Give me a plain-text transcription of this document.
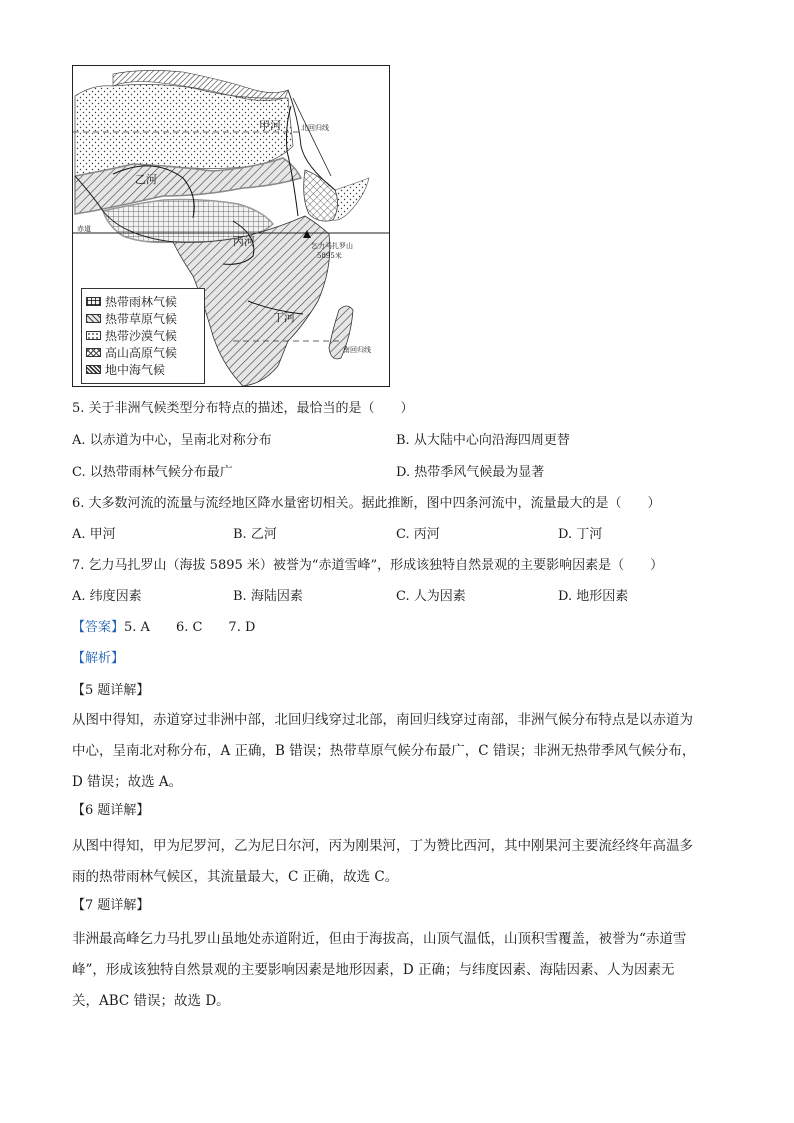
甲河	北回归线
乙河
赤道
丙河	乞力马扎罗山
5895米
丁河
南回归线
热带雨林气候
热带草原气候
热带沙漠气候
高山高原气候
地中海气候
5. 关于非洲气候类型分布特点的描述，最恰当的是（　　）
A. 以赤道为中心，呈南北对称分布	B. 从大陆中心向沿海四周更替
C. 以热带雨林气候分布最广	D. 热带季风气候最为显著
6. 大多数河流的流量与流经地区降水量密切相关。据此推断，图中四条河流中，流量最大的是（　　）
A. 甲河	B. 乙河	C. 丙河	D. 丁河
7. 乞力马扎罗山（海拔 5895 米）被誉为“赤道雪峰”，形成该独特自然景观的主要影响因素是（　　）
A. 纬度因素	B. 海陆因素	C. 人为因素	D. 地形因素
【答案】5. A　　6. C　　7. D
【解析】
【5 题详解】
从图中得知，赤道穿过非洲中部，北回归线穿过北部，南回归线穿过南部，非洲气候分布特点是以赤道为
中心，呈南北对称分布，A 正确，B 错误；热带草原气候分布最广，C 错误；非洲无热带季风气候分布，
D 错误；故选 A。
【6 题详解】
从图中得知，甲为尼罗河，乙为尼日尔河，丙为刚果河，丁为赞比西河，其中刚果河主要流经终年高温多
雨的热带雨林气候区，其流量最大，C 正确，故选 C。
【7 题详解】
非洲最高峰乞力马扎罗山虽地处赤道附近，但由于海拔高，山顶气温低，山顶积雪覆盖，被誉为“赤道雪
峰”，形成该独特自然景观的主要影响因素是地形因素，D 正确；与纬度因素、海陆因素、人为因素无
关，ABC 错误；故选 D。
